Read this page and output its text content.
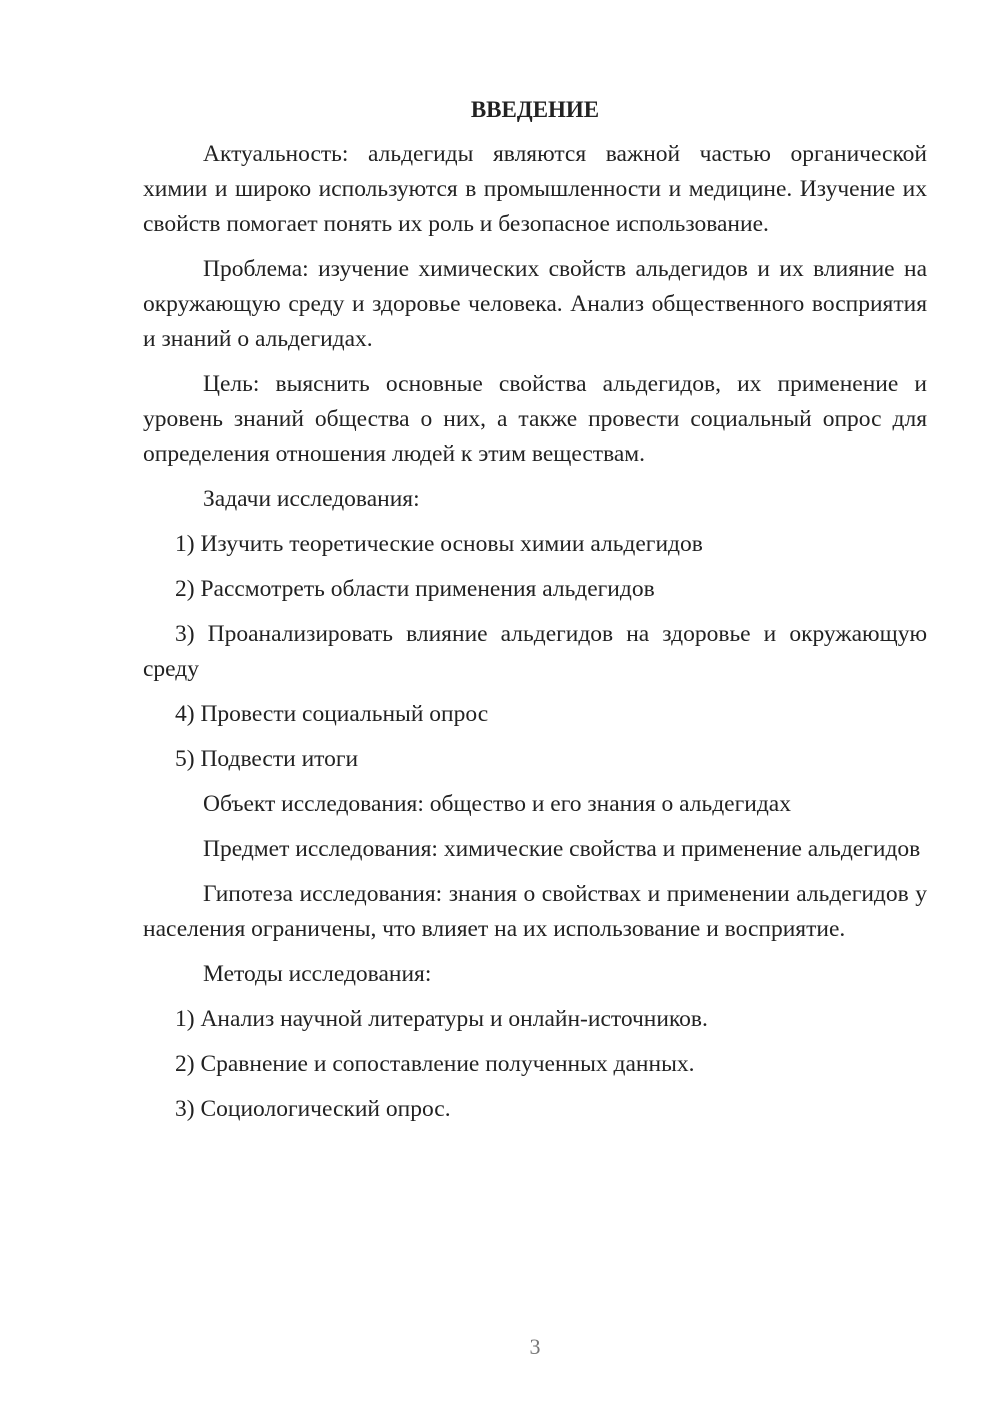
ВВЕДЕНИЕ
Актуальность: альдегиды являются важной частью органической химии и широко используются в промышленности и медицине. Изучение их свойств помогает понять их роль и безопасное использование.
Проблема: изучение химических свойств альдегидов и их влияние на окружающую среду и здоровье человека. Анализ общественного восприятия и знаний о альдегидах.
Цель: выяснить основные свойства альдегидов, их применение и уровень знаний общества о них, а также провести социальный опрос для определения отношения людей к этим веществам.
Задачи исследования:
1) Изучить теоретические основы химии альдегидов
2) Рассмотреть области применения альдегидов
3) Проанализировать влияние альдегидов на здоровье и окружающую среду
4) Провести социальный опрос
5) Подвести итоги
Объект исследования: общество и его знания о альдегидах
Предмет исследования: химические свойства и применение альдегидов
Гипотеза исследования: знания о свойствах и применении альдегидов у населения ограничены, что влияет на их использование и восприятие.
Методы исследования:
1) Анализ научной литературы и онлайн-источников.
2) Сравнение и сопоставление полученных данных.
3) Социологический опрос.
3
